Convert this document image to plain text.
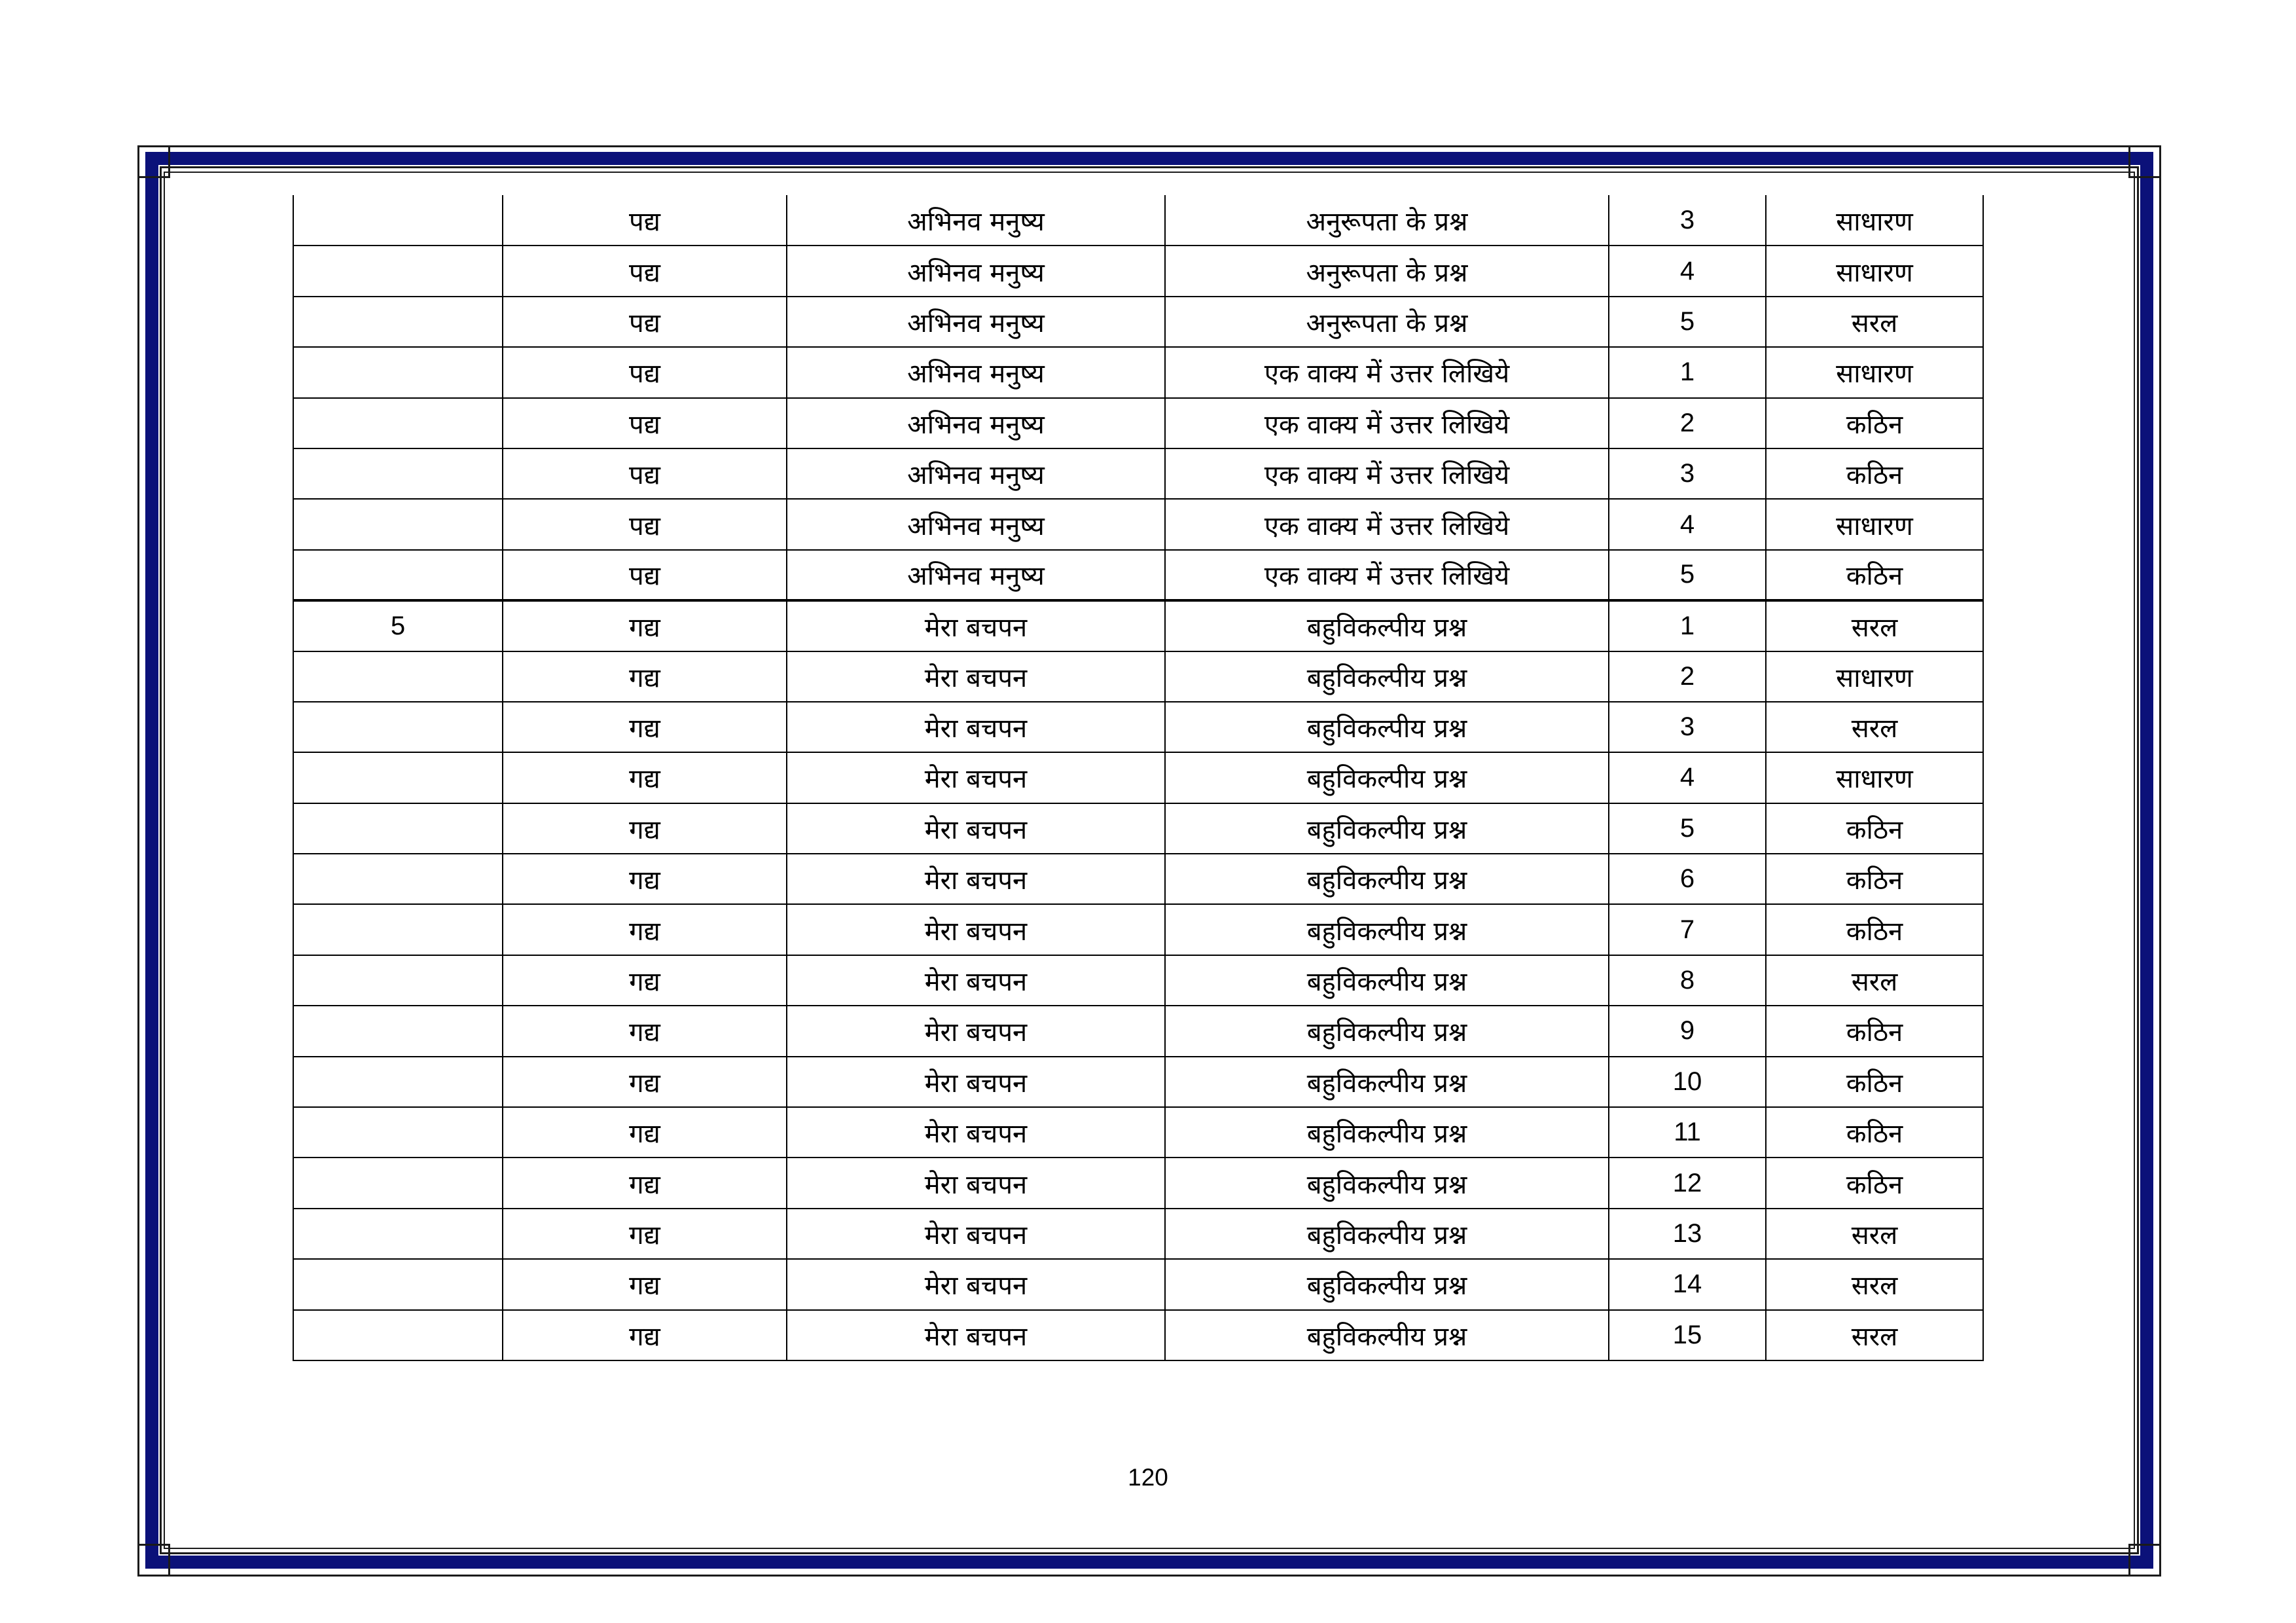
	पद्य	अभिनव मनुष्य	अनुरूपता के प्रश्न	3	साधारण
	पद्य	अभिनव मनुष्य	अनुरूपता के प्रश्न	4	साधारण
	पद्य	अभिनव मनुष्य	अनुरूपता के प्रश्न	5	सरल
	पद्य	अभिनव मनुष्य	एक वाक्य में उत्तर लिखिये	1	साधारण
	पद्य	अभिनव मनुष्य	एक वाक्य में उत्तर लिखिये	2	कठिन
	पद्य	अभिनव मनुष्य	एक वाक्य में उत्तर लिखिये	3	कठिन
	पद्य	अभिनव मनुष्य	एक वाक्य में उत्तर लिखिये	4	साधारण
	पद्य	अभिनव मनुष्य	एक वाक्य में उत्तर लिखिये	5	कठिन
5	गद्य	मेरा बचपन	बहुविकल्पीय प्रश्न	1	सरल
	गद्य	मेरा बचपन	बहुविकल्पीय प्रश्न	2	साधारण
	गद्य	मेरा बचपन	बहुविकल्पीय प्रश्न	3	सरल
	गद्य	मेरा बचपन	बहुविकल्पीय प्रश्न	4	साधारण
	गद्य	मेरा बचपन	बहुविकल्पीय प्रश्न	5	कठिन
	गद्य	मेरा बचपन	बहुविकल्पीय प्रश्न	6	कठिन
	गद्य	मेरा बचपन	बहुविकल्पीय प्रश्न	7	कठिन
	गद्य	मेरा बचपन	बहुविकल्पीय प्रश्न	8	सरल
	गद्य	मेरा बचपन	बहुविकल्पीय प्रश्न	9	कठिन
	गद्य	मेरा बचपन	बहुविकल्पीय प्रश्न	10	कठिन
	गद्य	मेरा बचपन	बहुविकल्पीय प्रश्न	11	कठिन
	गद्य	मेरा बचपन	बहुविकल्पीय प्रश्न	12	कठिन
	गद्य	मेरा बचपन	बहुविकल्पीय प्रश्न	13	सरल
	गद्य	मेरा बचपन	बहुविकल्पीय प्रश्न	14	सरल
	गद्य	मेरा बचपन	बहुविकल्पीय प्रश्न	15	सरल
120
